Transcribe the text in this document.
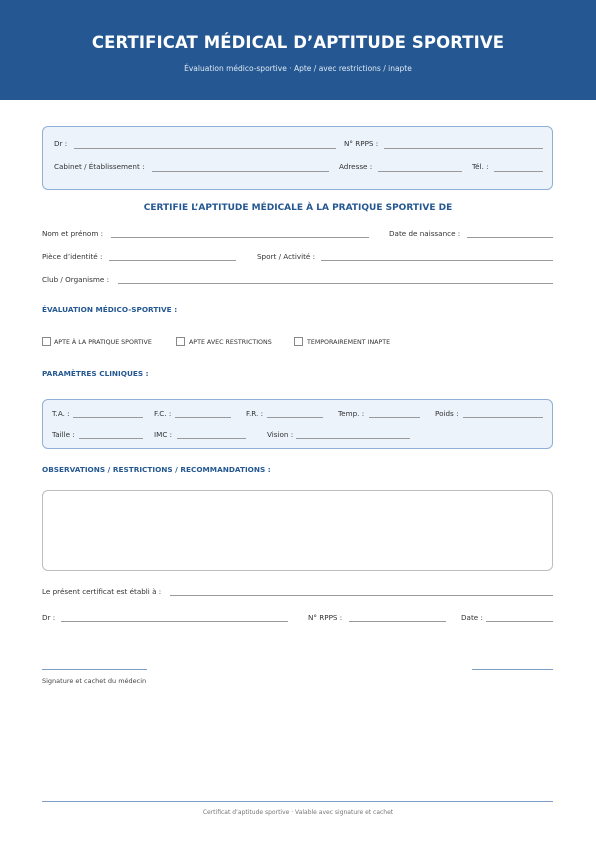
CERTIFICAT MÉDICAL D’APTITUDE SPORTIVE
Évaluation médico-sportive · Apte / avec restrictions / inapte
Dr :	N° RPPS :
Cabinet / Établissement :	Adresse :	Tél. :
CERTIFIE L’APTITUDE MÉDICALE À LA PRATIQUE SPORTIVE DE
Nom et prénom :	Date de naissance :
Pièce d’identité :	Sport / Activité :
Club / Organisme :
ÉVALUATION MÉDICO-SPORTIVE :
APTE À LA PRATIQUE SPORTIVE	APTE AVEC RESTRICTIONS	TEMPORAIREMENT INAPTE
PARAMÈTRES CLINIQUES :
T.A. :	F.C. :	F.R. :	Temp. :	Poids :
Taille :	IMC :	Vision :
OBSERVATIONS / RESTRICTIONS / RECOMMANDATIONS :
Le présent certificat est établi à :
Dr :	N° RPPS :	Date :
Signature et cachet du médecin
Certificat d’aptitude sportive · Valable avec signature et cachet
